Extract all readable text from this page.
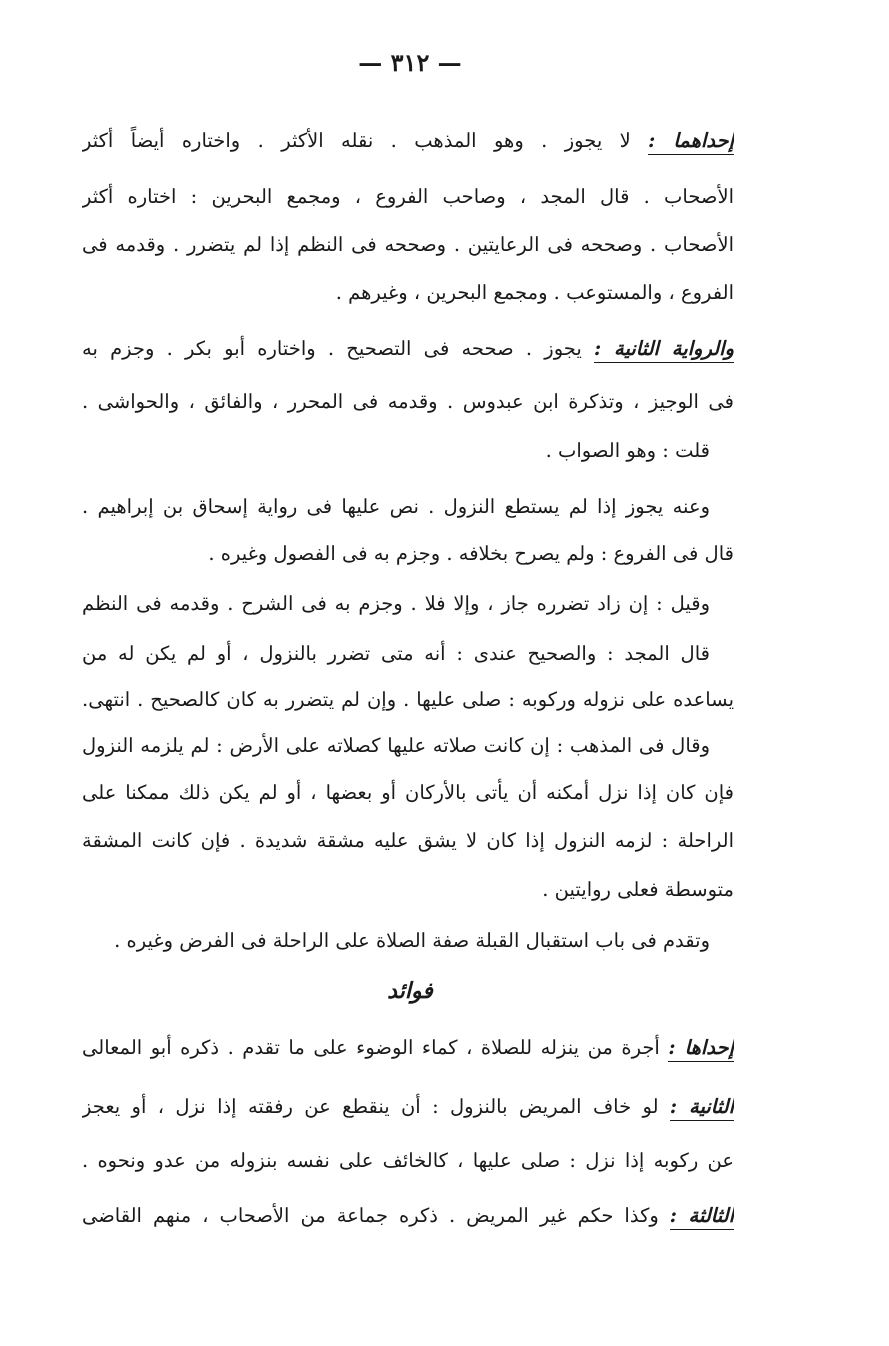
— ٣١٢ —
إحداهما : لا يجوز . وهو المذهب . نقله الأكثر . واختاره أيضاً أكثر
الأصحاب . قال المجد ، وصاحب الفروع ، ومجمع البحرين : اختاره أكثر
الأصحاب . وصححه فى الرعايتين . وصححه فى النظم إذا لم يتضرر . وقدمه فى
الفروع ، والمستوعب . ومجمع البحرين ، وغيرهم .
والرواية الثانية : يجوز . صححه فى التصحيح . واختاره أبو بكر . وجزم به
فى الوجيز ، وتذكرة ابن عبدوس . وقدمه فى المحرر ، والفائق ، والحواشى .
قلت : وهو الصواب .
وعنه يجوز إذا لم يستطع النزول . نص عليها فى رواية إسحاق بن إبراهيم .
قال فى الفروع : ولم يصرح بخلافه . وجزم به فى الفصول وغيره .
وقيل : إن زاد تضرره جاز ، وإلا فلا . وجزم به فى الشرح . وقدمه فى النظم
قال المجد : والصحيح عندى : أنه متى تضرر بالنزول ، أو لم يكن له من
يساعده على نزوله وركوبه : صلى عليها . وإن لم يتضرر به كان كالصحيح . انتهى.
وقال فى المذهب : إن كانت صلاته عليها كصلاته على الأرض : لم يلزمه النزول
فإن كان إذا نزل أمكنه أن يأتى بالأركان أو بعضها ، أو لم يكن ذلك ممكنا على
الراحلة : لزمه النزول إذا كان لا يشق عليه مشقة شديدة . فإن كانت المشقة
متوسطة فعلى روايتين .
وتقدم فى باب استقبال القبلة صفة الصلاة على الراحلة فى الفرض وغيره .
فوائد
إحداها : أجرة من ينزله للصلاة ، كماء الوضوء على ما تقدم . ذكره أبو المعالى
الثانية : لو خاف المريض بالنزول : أن ينقطع عن رفقته إذا نزل ، أو يعجز
عن ركوبه إذا نزل : صلى عليها ، كالخائف على نفسه بنزوله من عدو ونحوه .
الثالثة : وكذا حكم غير المريض . ذكره جماعة من الأصحاب ، منهم القاضى
